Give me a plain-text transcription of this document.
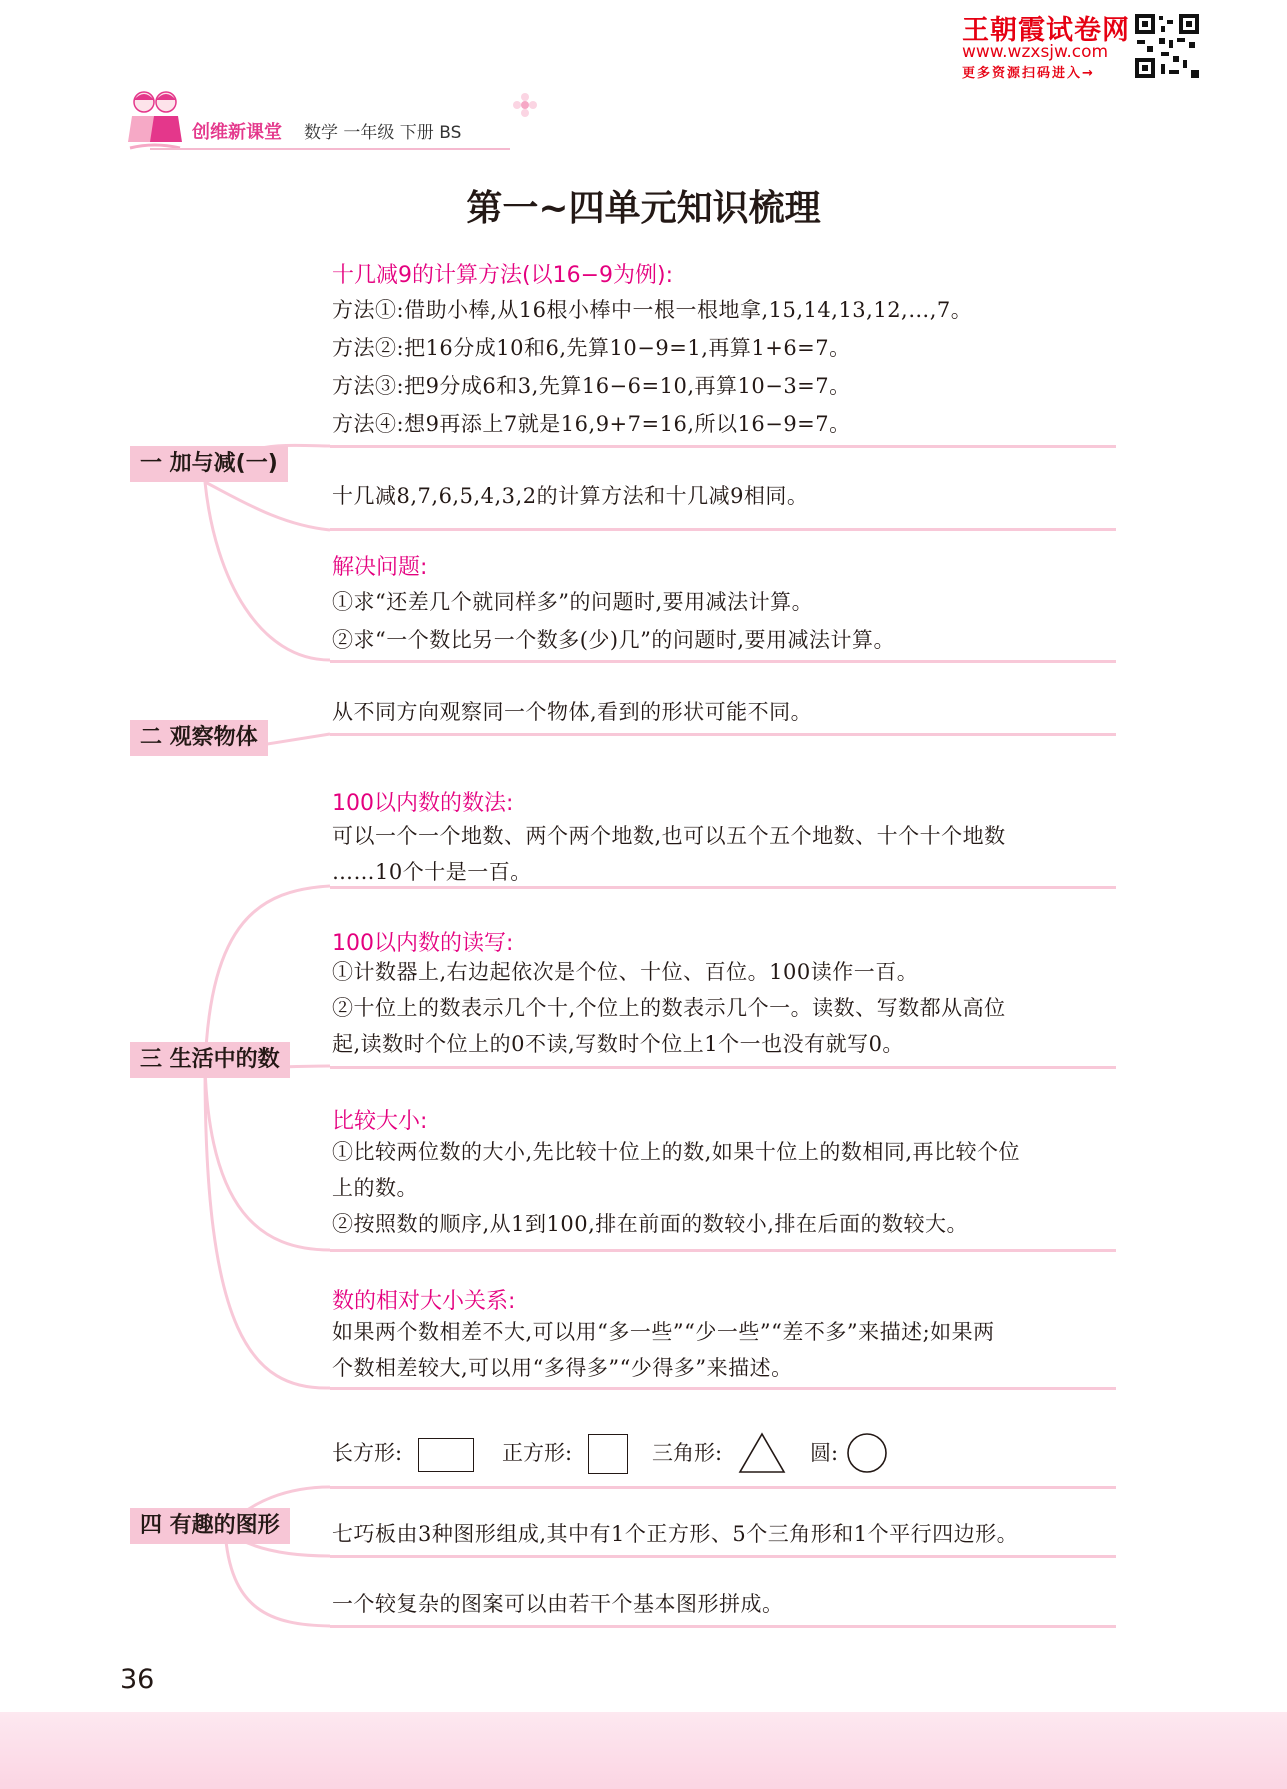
王朝霞试卷网
www.wzxsjw.com
更多资源扫码进入→
创维新课堂 数学 一年级 下册 BS
第一~四单元知识梳理
一 加与减(一)
二 观察物体
三 生活中的数
四 有趣的图形
十几减9的计算方法(以16−9为例):
方法①:借助小棒,从16根小棒中一根一根地拿,15,14,13,12,…,7。
方法②:把16分成10和6,先算10−9=1,再算1+6=7。
方法③:把9分成6和3,先算16−6=10,再算10−3=7。
方法④:想9再添上7就是16,9+7=16,所以16−9=7。
十几减8,7,6,5,4,3,2的计算方法和十几减9相同。
解决问题:
①求“还差几个就同样多”的问题时,要用减法计算。
②求“一个数比另一个数多(少)几”的问题时,要用减法计算。
从不同方向观察同一个物体,看到的形状可能不同。
100以内数的数法:
可以一个一个地数、两个两个地数,也可以五个五个地数、十个十个地数
……10个十是一百。
100以内数的读写:
①计数器上,右边起依次是个位、十位、百位。100读作一百。
②十位上的数表示几个十,个位上的数表示几个一。读数、写数都从高位
起,读数时个位上的0不读,写数时个位上1个一也没有就写0。
比较大小:
①比较两位数的大小,先比较十位上的数,如果十位上的数相同,再比较个位
上的数。
②按照数的顺序,从1到100,排在前面的数较小,排在后面的数较大。
数的相对大小关系:
如果两个数相差不大,可以用“多一些”“少一些”“差不多”来描述;如果两
个数相差较大,可以用“多得多”“少得多”来描述。
长方形:	正方形:	三角形:	圆:
七巧板由3种图形组成,其中有1个正方形、5个三角形和1个平行四边形。
一个较复杂的图案可以由若干个基本图形拼成。
36
